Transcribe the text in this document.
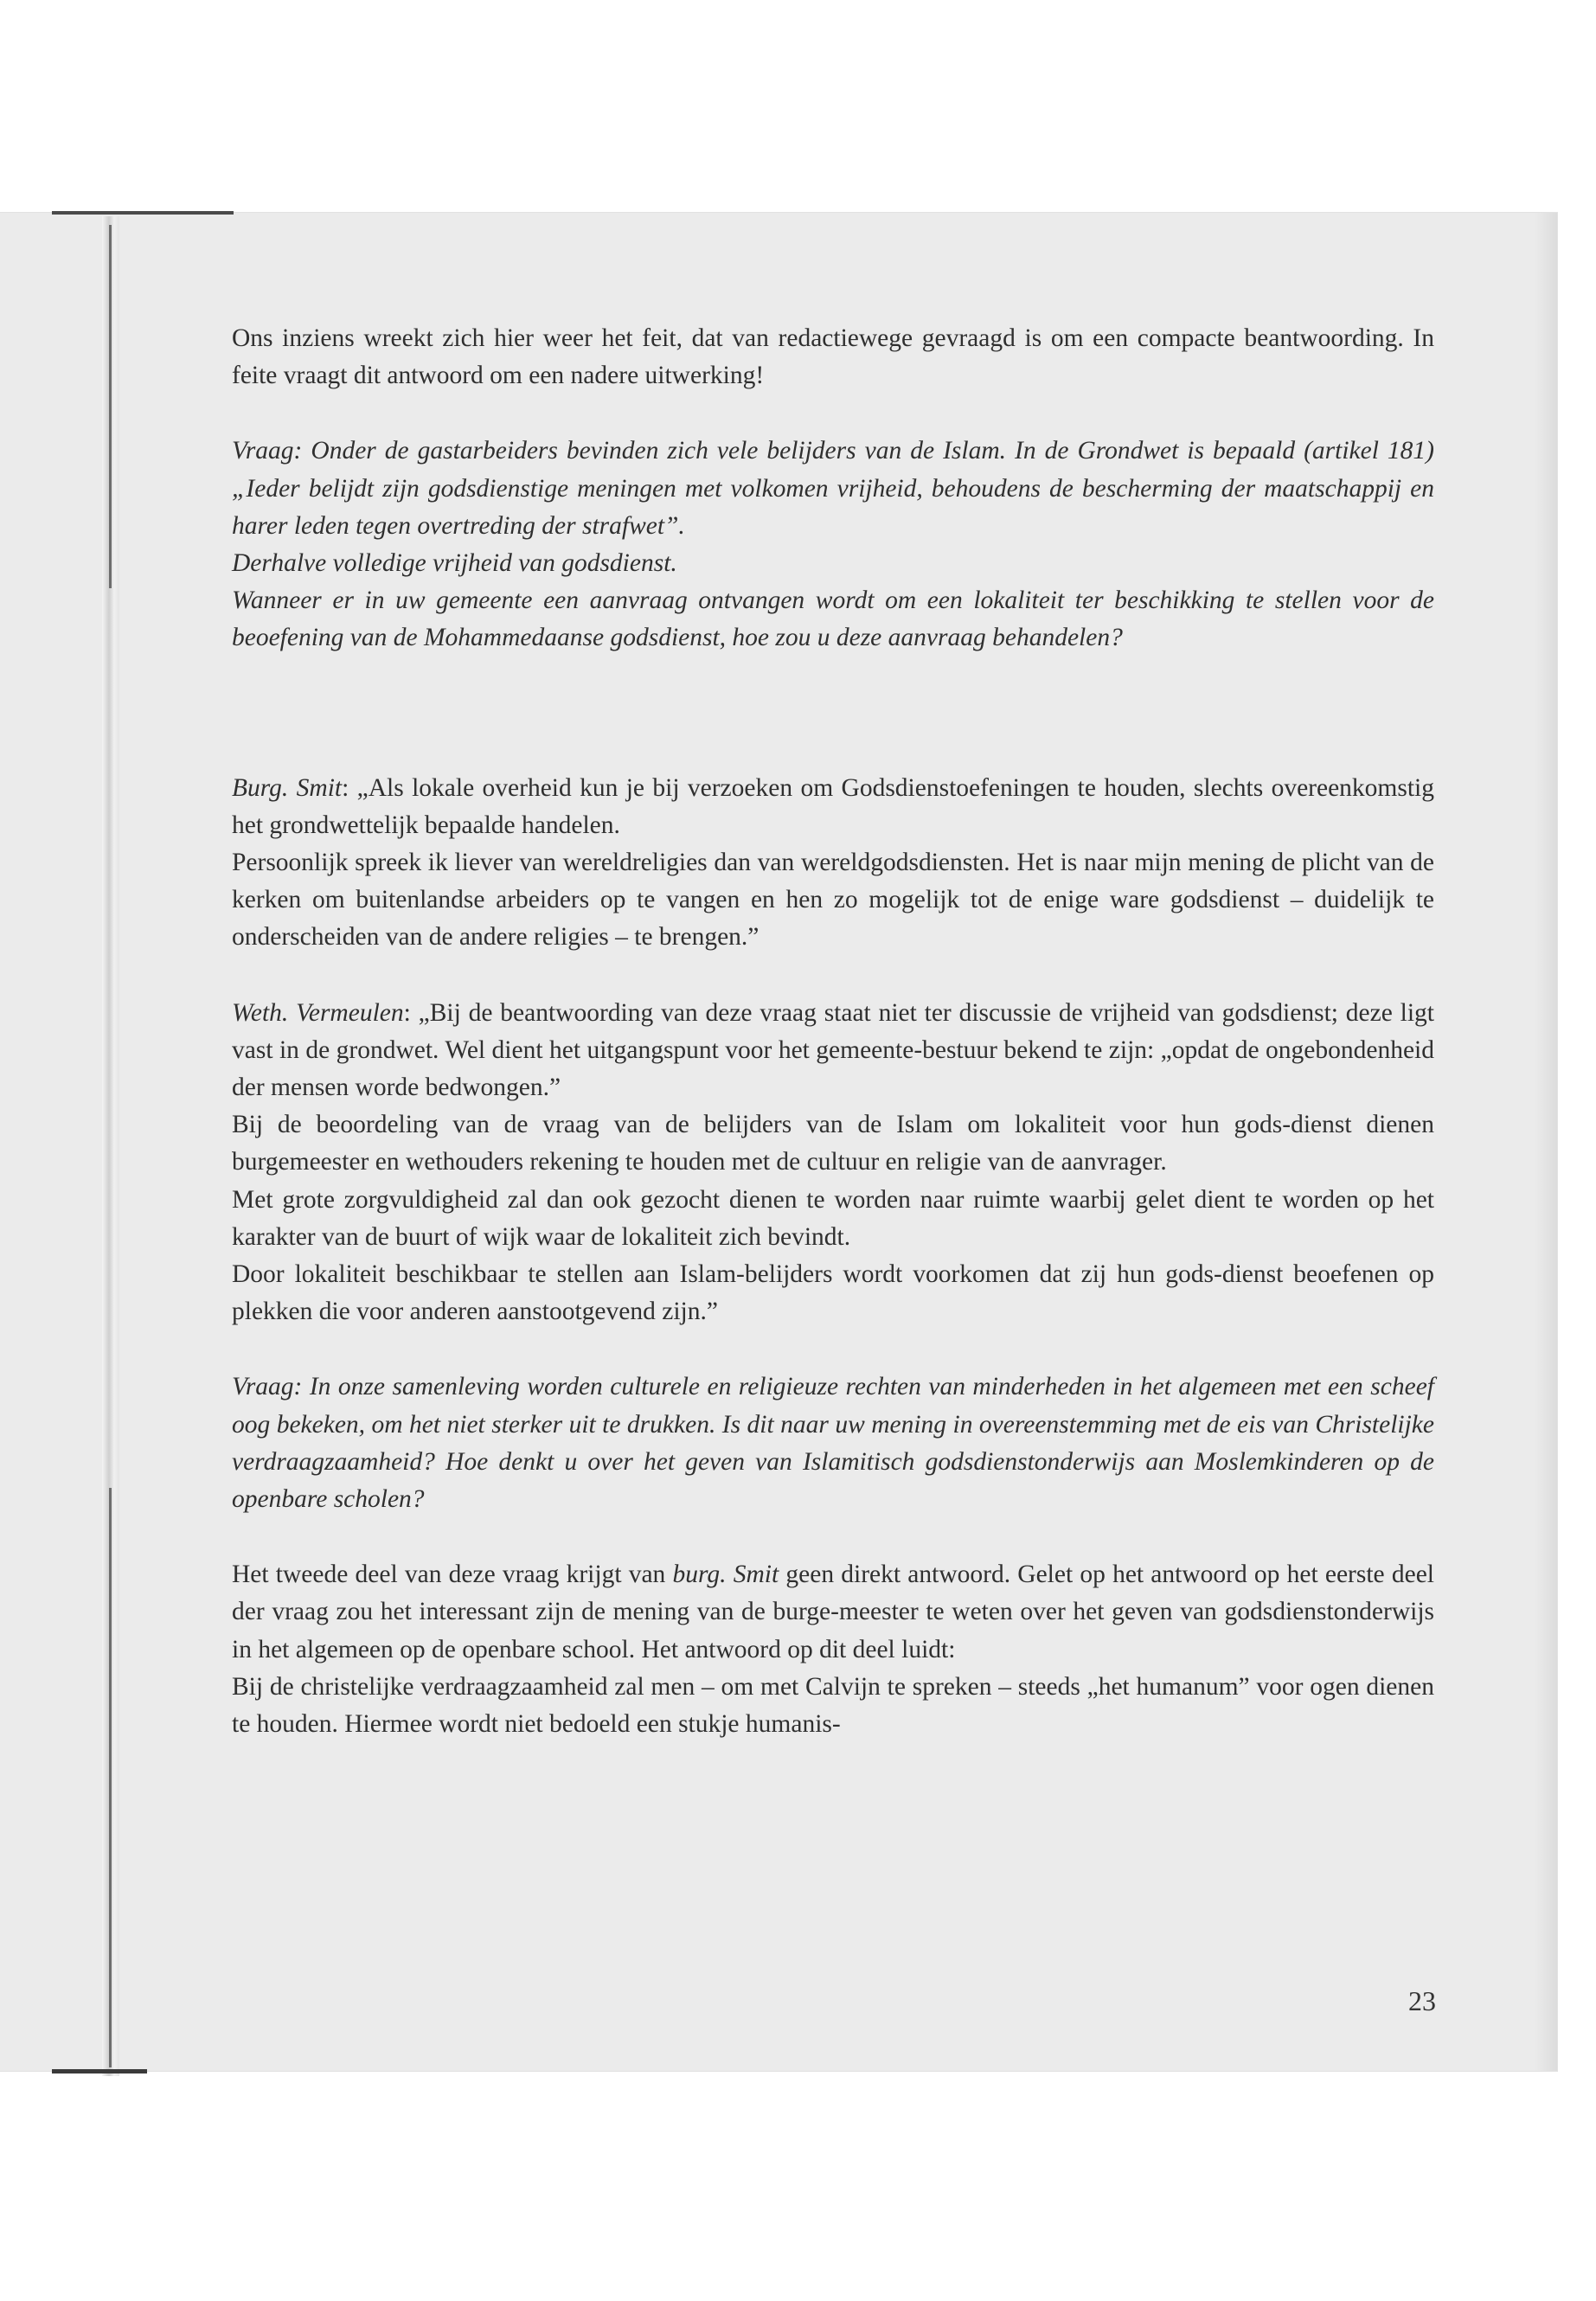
Ons inziens wreekt zich hier weer het feit, dat van redactiewege gevraagd is om een compacte beantwoording. In feite vraagt dit antwoord om een nadere uitwerking!

Vraag: Onder de gastarbeiders bevinden zich vele belijders van de Islam. In de Grondwet is bepaald (artikel 181) „Ieder belijdt zijn godsdienstige meningen met volkomen vrijheid, behoudens de bescherming der maatschappij en harer leden tegen overtreding der strafwet”.

Derhalve volledige vrijheid van godsdienst.

Wanneer er in uw gemeente een aanvraag ontvangen wordt om een lokaliteit ter beschikking te stellen voor de beoefening van de Mohammedaanse godsdienst, hoe zou u deze aanvraag behandelen?

Burg. Smit: „Als lokale overheid kun je bij verzoeken om Godsdienstoefeningen te houden, slechts overeenkomstig het grondwettelijk bepaalde handelen.

Persoonlijk spreek ik liever van wereldreligies dan van wereldgodsdiensten. Het is naar mijn mening de plicht van de kerken om buitenlandse arbeiders op te vangen en hen zo mogelijk tot de enige ware godsdienst – duidelijk te onderscheiden van de andere religies – te brengen.”

Weth. Vermeulen: „Bij de beantwoording van deze vraag staat niet ter discussie de vrijheid van godsdienst; deze ligt vast in de grondwet. Wel dient het uitgangspunt voor het gemeente-bestuur bekend te zijn: „opdat de ongebondenheid der mensen worde bedwongen.”

Bij de beoordeling van de vraag van de belijders van de Islam om lokaliteit voor hun gods-dienst dienen burgemeester en wethouders rekening te houden met de cultuur en religie van de aanvrager.

Met grote zorgvuldigheid zal dan ook gezocht dienen te worden naar ruimte waarbij gelet dient te worden op het karakter van de buurt of wijk waar de lokaliteit zich bevindt.

Door lokaliteit beschikbaar te stellen aan Islam-belijders wordt voorkomen dat zij hun gods-dienst beoefenen op plekken die voor anderen aanstootgevend zijn.”

Vraag: In onze samenleving worden culturele en religieuze rechten van minderheden in het algemeen met een scheef oog bekeken, om het niet sterker uit te drukken. Is dit naar uw mening in overeenstemming met de eis van Christelijke verdraagzaamheid? Hoe denkt u over het geven van Islamitisch godsdienstonderwijs aan Moslemkinderen op de openbare scholen?

Het tweede deel van deze vraag krijgt van burg. Smit geen direkt antwoord. Gelet op het antwoord op het eerste deel der vraag zou het interessant zijn de mening van de burge-meester te weten over het geven van godsdienstonderwijs in het algemeen op de openbare school. Het antwoord op dit deel luidt:

Bij de christelijke verdraagzaamheid zal men – om met Calvijn te spreken – steeds „het humanum” voor ogen dienen te houden. Hiermee wordt niet bedoeld een stukje humanis-

23
